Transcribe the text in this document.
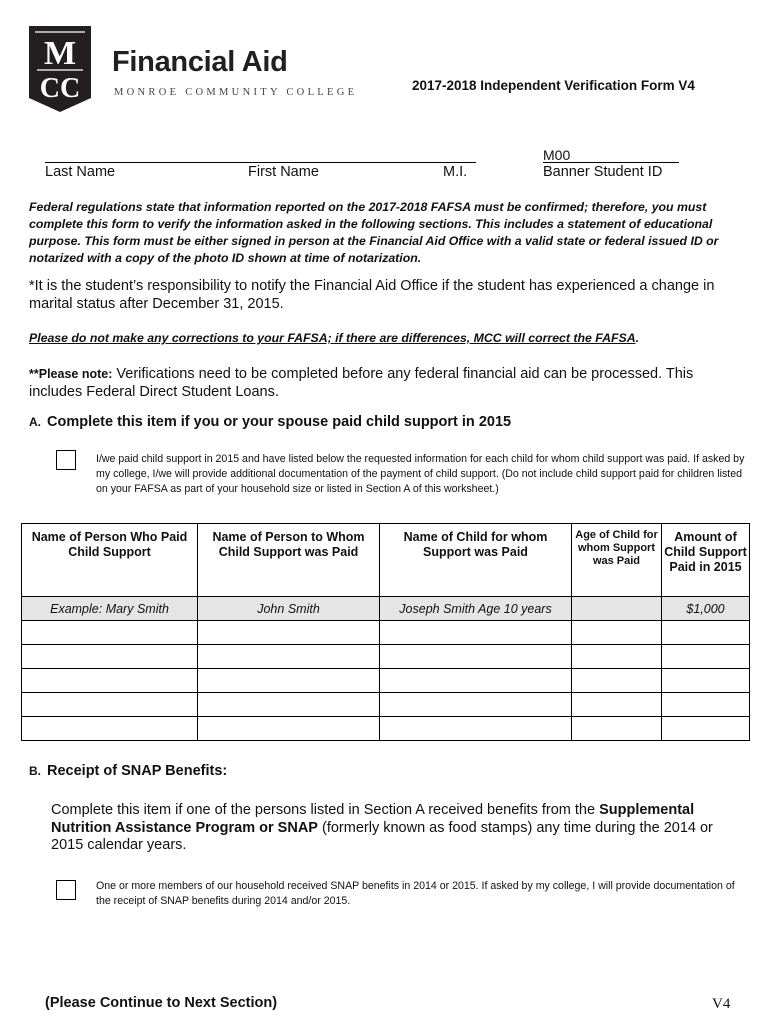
M
CC
Financial Aid
MONROE COMMUNITY COLLEGE	2017-2018 Independent Verification Form V4
Last Name	First Name	M.I.
M00
Banner Student ID
Federal regulations state that information reported on the 2017-2018 FAFSA must be confirmed; therefore, you must complete this form to verify the information asked in the following sections. This includes a statement of educational purpose. This form must be either signed in person at the Financial Aid Office with a valid state or federal issued ID or notarized with a copy of the photo ID shown at time of notarization.
*It is the student’s responsibility to notify the Financial Aid Office if the student has experienced a change in marital status after December 31, 2015.
Please do not make any corrections to your FAFSA; if there are differences, MCC will correct the FAFSA.
**Please note: Verifications need to be completed before any federal financial aid can be processed. This includes Federal Direct Student Loans.
A. Complete this item if you or your spouse paid child support in 2015
I/we paid child support in 2015 and have listed below the requested information for each child for whom child support was paid. If asked by my college, I/we will provide additional documentation of the payment of child support. (Do not include child support paid for children listed on your FAFSA as part of your household size or listed in Section A of this worksheet.)
Name of Person Who Paid Child Support	Name of Person to Whom Child Support was Paid	Name of Child for whom Support was Paid	Age of Child for whom Support was Paid	Amount of Child Support Paid in 2015
Example: Mary Smith	John Smith	Joseph Smith Age 10 years		$1,000

B. Receipt of SNAP Benefits:
Complete this item if one of the persons listed in Section A received benefits from the Supplemental Nutrition Assistance Program or SNAP (formerly known as food stamps) any time during the 2014 or 2015 calendar years.
One or more members of our household received SNAP benefits in 2014 or 2015. If asked by my college, I will provide documentation of the receipt of SNAP benefits during 2014 and/or 2015.
(Please Continue to Next Section)	V4
